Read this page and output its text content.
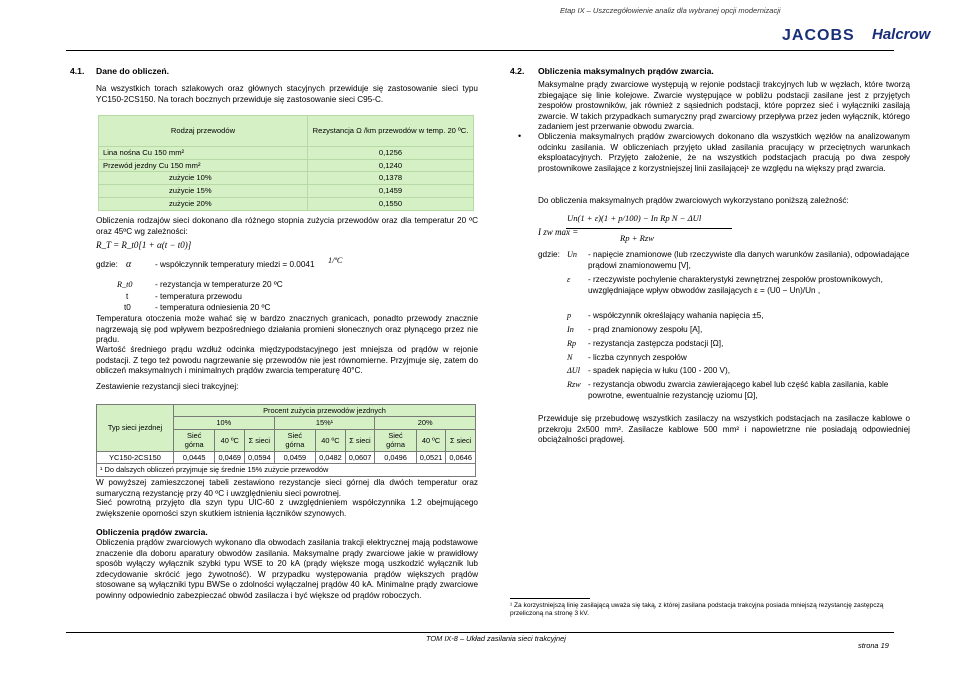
Etap IX – Uszczegółowienie analiz dla wybranej opcji modernizacji
JACOBS Halcrow
4.1. Dane do obliczeń.

Na wszystkich torach szlakowych oraz głównych stacyjnych przewiduje się zastosowanie sieci typu YC150-2CS150. Na torach bocznych przewiduje się zastosowanie sieci C95-C.

Rodzaj przewodów	Rezystancja Ω /km przewodów w temp. 20 ºC.
Lina nośna Cu 150 mm²	0,1256
Przewód jezdny Cu 150 mm²	0,1240
zużycie 10%	0,1378
zużycie 15%	0,1459
zużycie 20%	0,1550

Obliczenia rodzajów sieci dokonano dla różnego stopnia zużycia przewodów oraz dla temperatur 20 ºC oraz 45ºC wg zależności:

R_T = R_t0[1 + α(t − t0)]
gdzie: α	- współczynnik temperatury miedzi = 0.0041 1/ºC
R_t0	- rezystancja w temperaturze 20 ºC
t	- temperatura przewodu
t0	- temperatura odniesienia 20 ºC

Temperatura otoczenia może wahać się w bardzo znacznych granicach, ponadto przewody znacznie nagrzewają się pod wpływem bezpośredniego działania promieni słonecznych oraz płynącego przez nie prądu.

Wartość średniego prądu wzdłuż odcinka międzypodstacyjnego jest mniejsza od prądów w rejonie podstacji. Z tego też powodu nagrzewanie się przewodów nie jest równomierne. Przyjmuje się, zatem do obliczeń maksymalnych i minimalnych prądów zwarcia temperaturę 40°C.

Zestawienie rezystancji sieci trakcyjnej:

Typ sieci jezdnej	Procent zużycia przewodów jezdnych								
	10%			15%¹			20%		
	Sieć górna	40 ºC	Σ sieci	Sieć górna	40 ºC	Σ sieci	Sieć górna	40 ºC	Σ sieci
YC150-2CS150	0,0445	0,0469	0,0594	0,0459	0,0482	0,0607	0,0496	0,0521	0,0646
¹ Do dalszych obliczeń przyjmuje się średnie 15% zużycie przewodów									

W powyższej zamieszczonej tabeli zestawiono rezystancje sieci górnej dla dwóch temperatur oraz sumaryczną rezystancję przy 40 ºC i uwzględnieniu sieci powrotnej.

Sieć powrotną przyjęto dla szyn typu UIC-60 z uwzględnieniem współczynnika 1.2 obejmującego zwiększenie oporności szyn skutkiem istnienia łączników szynowych.

Obliczenia prądów zwarcia.

Obliczenia prądów zwarciowych wykonano dla obwodach zasilania trakcji elektrycznej mają podstawowe znaczenie dla doboru aparatury obwodów zasilania. Maksymalne prądy zwarciowe jakie w prawidłowy sposób wyłączy wyłącznik szybki typu WSE to 20 kA (prądy większe mogą uszkodzić wyłącznik lub zdecydowanie skrócić jego żywotność). W przypadku występowania prądów większych prądów stosowane są wyłączniki typu BWSe o zdolności wyłączalnej prądów 40 kA. Minimalne prądy zwarciowe powinny odpowiednio zabezpieczać obwód zasilacza i być większe od prądów roboczych.

4.2. Obliczenia maksymalnych prądów zwarcia.

Maksymalne prądy zwarciowe występują w rejonie podstacji trakcyjnych lub w węzłach, które tworzą zbiegające się linie kolejowe. Zwarcie występujące w pobliżu podstacji zasilane jest z przyjętych zespołów prostowników, jak również z sąsiednich podstacji, które poprzez sieć i wyłączniki zasilają zwarcie. W takich przypadkach sumaryczny prąd zwarciowy przepływa przez jeden wyłącznik, którego zadaniem jest przerwanie obwodu zwarcia.

•	Obliczenia maksymalnych prądów zwarciowych dokonano dla wszystkich węzłów na analizowanym odcinku zasilania. W obliczeniach przyjęto układ zasilania pracujący w przeciętnych warunkach eksploatacyjnych. Przyjęto założenie, że na wszystkich podstacjach pracują po dwa zespoły prostownikowe zasilające z korzystniejszej linii zasilającej¹ ze względu na większy prąd zwarcia.

Do obliczenia maksymalnych prądów zwarciowych wykorzystano poniższą zależność:

I zw max =
Un(1 + ε)(1 + p/100) − In Rp N − ΔUl
Rp + Rzw
gdzie: Un - napięcie znamionowe (lub rzeczywiste dla danych warunków zasilania), odpowiadające prądowi znamionowemu [V],
ε - rzeczywiste pochylenie charakterystyki zewnętrznej zespołów prostownikowych, uwzględniające wpływ obwodów zasilających ε = (U0 − Un)/Un ,
p - współczynnik określający wahania napięcia ±5,
In - prąd znamionowy zespołu [A],
Rp - rezystancja zastępcza podstacji [Ω],
N - liczba czynnych zespołów
ΔUl - spadek napięcia w łuku (100 - 200 V),
Rzw - rezystancja obwodu zwarcia zawierającego kabel lub część kabla zasilania, kable powrotne, ewentualnie rezystancję uziomu [Ω],

Przewiduje się przebudowę wszystkich zasilaczy na wszystkich podstacjach na zasilacze kablowe o przekroju 2x500 mm². Zasilacze kablowe 500 mm² i napowietrzne nie posiadają odpowiedniej obciążalności prądowej.

¹ Za korzystniejszą linię zasilającą uważa się taką, z której zasilana podstacja trakcyjna posiada mniejszą rezystancję zastępczą przeliczoną na stronę 3 kV.
TOM IX-8 – Układ zasilania sieci trakcyjnej
strona 19
